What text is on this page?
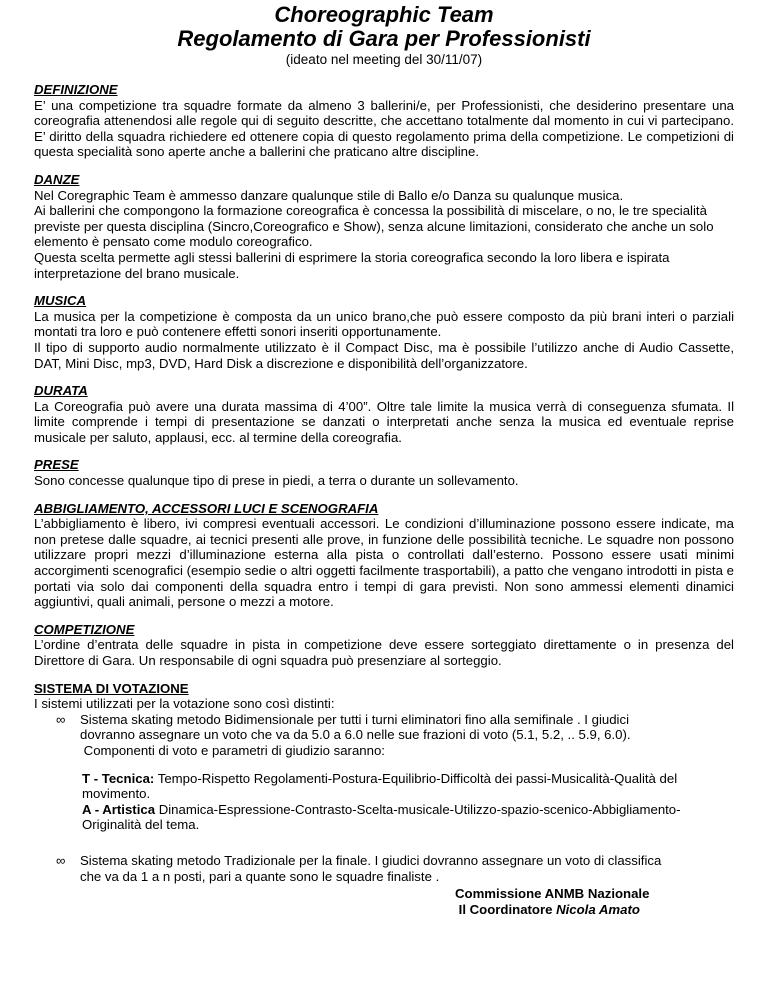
Choreographic Team
Regolamento di Gara per Professionisti
(ideato nel meeting del 30/11/07)
DEFINIZIONE
E’ una competizione tra squadre formate da almeno 3 ballerini/e, per Professionisti, che desiderino presentare una coreografia attenendosi alle regole qui di seguito descritte, che accettano totalmente dal momento in cui vi partecipano. E’ diritto della squadra richiedere ed ottenere copia di questo regolamento prima della competizione. Le competizioni di questa specialità sono aperte anche a ballerini che praticano altre discipline.
DANZE
Nel Coregraphic Team è ammesso danzare qualunque stile di Ballo e/o Danza su qualunque musica.
Ai ballerini che compongono la formazione coreografica è concessa la possibilità di miscelare, o no, le tre specialità previste per questa disciplina (Sincro,Coreografico e Show), senza alcune limitazioni, considerato che anche un solo elemento è pensato come modulo coreografico.
Questa scelta permette agli stessi ballerini di esprimere la storia coreografica secondo la loro libera e ispirata interpretazione del brano musicale.
MUSICA
La musica per la competizione è composta da un unico brano,che può essere composto da più brani interi o parziali montati tra loro e può contenere effetti sonori inseriti opportunamente.
Il tipo di supporto audio normalmente utilizzato è il Compact Disc, ma è possibile l’utilizzo anche di Audio Cassette, DAT, Mini Disc, mp3, DVD, Hard Disk a discrezione e disponibilità dell’organizzatore.
DURATA
La Coreografia può avere una durata massima di 4’00”. Oltre tale limite la musica verrà di conseguenza sfumata. Il limite comprende i tempi di presentazione se danzati o interpretati anche senza la musica ed eventuale reprise musicale per saluto, applausi, ecc. al termine della coreografia.
PRESE
Sono concesse qualunque tipo di prese in piedi, a terra o durante un sollevamento.
ABBIGLIAMENTO, ACCESSORI LUCI E SCENOGRAFIA
L’abbigliamento è libero, ivi compresi eventuali accessori. Le condizioni d’illuminazione possono essere indicate, ma non pretese dalle squadre, ai tecnici presenti alle prove, in funzione delle possibilità tecniche. Le squadre non possono utilizzare propri mezzi d’illuminazione esterna alla pista o controllati dall’esterno. Possono essere usati minimi accorgimenti scenografici (esempio sedie o altri oggetti facilmente trasportabili), a patto che vengano introdotti in pista e portati via solo dai componenti della squadra entro i tempi di gara previsti. Non sono ammessi elementi dinamici aggiuntivi, quali animali, persone o mezzi a motore.
COMPETIZIONE
L’ordine d’entrata delle squadre in pista in competizione deve essere sorteggiato direttamente o in presenza del Direttore di Gara. Un responsabile di ogni squadra può presenziare al sorteggio.
SISTEMA DI VOTAZIONE
I sistemi utilizzati per la votazione sono così distinti:
∞ Sistema skating metodo Bidimensionale per tutti i turni eliminatori fino alla semifinale . I giudici
dovranno assegnare un voto che va da 5.0 a 6.0 nelle sue frazioni di voto (5.1, 5.2, .. 5.9, 6.0).
Componenti di voto e parametri di giudizio saranno:
T - Tecnica: Tempo-Rispetto Regolamenti-Postura-Equilibrio-Difficoltà dei passi-Musicalità-Qualità del movimento.
A - Artistica Dinamica-Espressione-Contrasto-Scelta-musicale-Utilizzo-spazio-scenico-Abbigliamento-Originalità del tema.
∞ Sistema skating metodo Tradizionale per la finale. I giudici dovranno assegnare un voto di classifica
che va da 1 a n posti, pari a quante sono le squadre finaliste .
Commissione ANMB Nazionale
Il Coordinatore Nicola Amato
